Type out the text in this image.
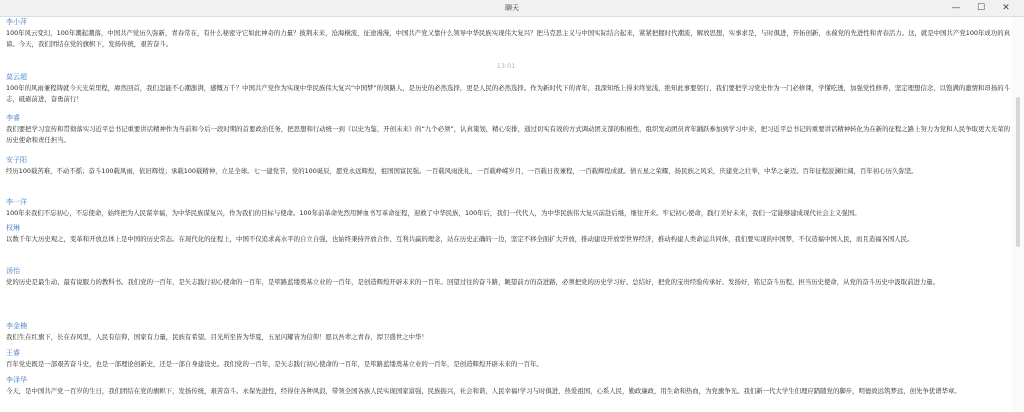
聊天	—	☐	✕
李小萍
100年风云变幻，100年潮起潮落，中国共产党历久弥新，青春常在，有什么秘密守它如此神奇的力量？披荆未来，沧海横流，征途漫漫，中国共产党又靠什么领导中华民族实现伟大复兴？把马克思主义与中国实际结合起来，紧紧把握时代潮流，解放思想，实事求是，与时俱进，开拓创新，永葆党的先进性和青春活力。这，就是中国共产党100年成功的真谛。今天，我们团结在党的旗帜下，发扬传统，艰苦奋斗。
13:01
莫云超
100年的风雨兼程铸就今天光荣里程，赓然回首，我们怎能不心潮澎湃，感慨万千？中国共产党作为实现中华民族伟大复兴“中国梦”的领路人，是历史的必然选择，更是人民的必然选择。作为新时代下的青年，我深知纸上得来终觉浅，绝知此事要躬行，我们要把学习党史作为一门必修课，学懂吃透，加强党性修养，坚定理想信念，以饱满的激情和昂扬的斗志，砥砺前进，奋勇前行！
李睿
我们要把学习宣传和贯彻落实习近平总书记重要讲话精神作为当前和今后一段时期的首要政治任务，把思想和行动统一到《以史为鉴，开创未来》的“九个必须”，认真策划，精心安排，通过切实有效的方式调动团支部的积极性，组织发动团员青年踊跃参加到学习中来，把习近平总书记的重要讲话精神转化为在新的征程之路上努力为党和人民争取更大光荣的历史使命和责任担当。
安子阳
经历100载苦难，不动不摇；奋斗100载风雨，依旧辉煌；承载100载精神，立足全球。七一建党节，党的100诞辰，愿党永远辉煌，祖国国富民强。一百载风雨洗礼，一百载峥嵘岁月，一百载日夜兼程，一百载辉煌成就。倩五星之荣耀，扬民族之风采，庆建党之壮举，中华之豪迈。百年征程波澜壮阔，百年初心历久弥坚。
李一洋
100年来我们不忘初心，不忘使命，始终把为人民谋幸福，为中华民族谋复兴，作为我们的目标与使命。100年前革命先烈用鲜血书写革命征程，迎救了中华民族，100年后，我们一代代人，为中华民族伟大复兴前赴后继，继往开来。牢记初心使命，践行美好未来，我们一定能够建成现代社会主义强国。
权琳
以数千年大历史观之，变革和开放总体上是中国的历史常态。在现代化的征程上，中国不仅追求高水平的自立自强，也始终秉持开放合作、互利共赢的理念，站在历史正确的一边，坚定不移全面扩大开放，推动建设开放型世界经济，推动构建人类命运共同体，我们要实现的中国梦，不仅造福中国人民，而且造福各国人民。
汤怡
党的历史是最生动、最有说服力的教科书。我们党的一百年，是矢志践行初心使命的一百年，是筚路蓝缕奠基立业的一百年，是创造辉煌开辟未来的一百年。回望过往的奋斗路，眺望前方的奋进路，必须把党的历史学习好、总结好，把党的宝贵经验传承好、发扬好，铭记奋斗历程，担当历史使命，从党的奋斗历史中汲取前进力量。
李金楠
我们生在红旗下，长在春风里，人民有信仰，国家有力量，民族有希望。目光所至皆为华夏，五星闪耀皆为信仰！愿以吾辈之青春，捍卫盛世之中华！
王睿
百年党史既是一部艰苦奋斗史，也是一部理论创新史，还是一部自身建设史。我们党的一百年，是矢志践行初心使命的一百年，是筚路蓝缕奠基立业的一百年，是创造辉煌开辟未来的一百年。
李泽华
今天，是中国共产党一百岁的生日，我们团结在党的旗帜下，发扬传统，艰苦奋斗。永保先进性，经得住各种风浪，带领全国各族人民实现国家富强，民族振兴，社会和谐，人民幸福!学习与时俱进，热爱祖国，心系人民，勤政廉政，用生命和热血，为党旗争光。我们新一代大学生们理应踏随党的脚步，明德致远筑梦远，创先争优谱华章。
